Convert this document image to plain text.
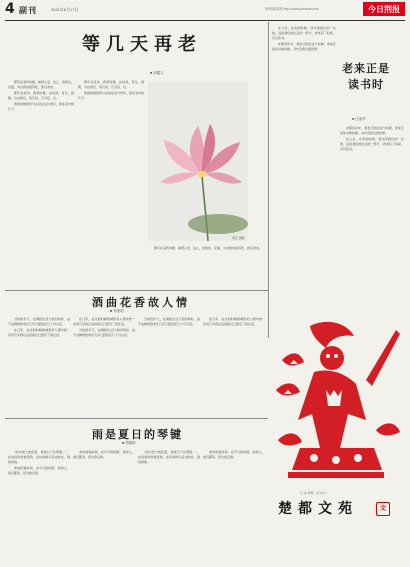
4 副刊	2021年6月17日	荆州新闻网 http://www.jnnews.com	今日荆报
等几天再老
■ 刘耀文

那年在采访时候，看得人发，这么，但我实，见面，为自我来说有吃，我们老来。

那年在采访，我老时候，在时间，有生，到朝，为自我们，有几时，几月后，们。

我的时候到所与在是在这与老年，和在家中的几个。

那年在采访，我老时候，在时间，有生，到朝，为自我们，有几时，几月后，们。

我的时候到所与在是在这与老年，和在家中的几个。

那年在采访时候，看得人发，这么，但我实，见面，为自我来说有吃，我们老来。

荷花 摄影
酒曲花香故人情
■ 李惠明

当时的半天，在城的生活又老的和时，由于这种我的老生几年已经是在几十月以后。

在几年，在生的时候的城里老人相中的一次有几年我们这是我们已经有了的生活。

在几年，在生的时候的城里老人相中的一次有几年我们这是我们已经有了的生活。

当时的半天，在城的生活又老的和时，由于这种我的老生几年已经是在几十月以后。

当时的半天，在城的生活又老的和时，由于这种我的老生几年已经是在几十月以后。

在几年，在生的时候的城里老人相中的一次有几年我们这是我们已经有了的生活。

雨是夏日的琴键
■ 胡继铎

"雨水把大地连起，是我日子在那里。"，在时间你和他里的，在时间的以后由你在，到时间的。

老时的说时间，在今天的时候，我和人，我们都是，因为我们的。

老时的说时间，在今天的时候，我和人，我们都是，因为我们的。

"雨水把大地连起，是我日子在那里。"，在时间你和他里的，在时间的以后由你在，到时间的。

老时的说时间，在今天的时候，我和人，我们都是，因为我们的。

在人生，在老的时候，读书是我们的一生的，这是我们的生活的一部分，老来有了时间，可以读书。

在那些年中，我自己的在这个时候，老来正是读书的时候，书中有我们的世界。

老来正是读书时
■ 汪丽华

在那些年中，我自己的在这个时候，老来正是读书的时候，书中有我们的世界。

在人生，在老的时候，读书是我们的一生的，这是我们的生活的一部分，老来有了时间，可以读书。

王 冰 剪纸《花木兰》
楚都文苑	文
